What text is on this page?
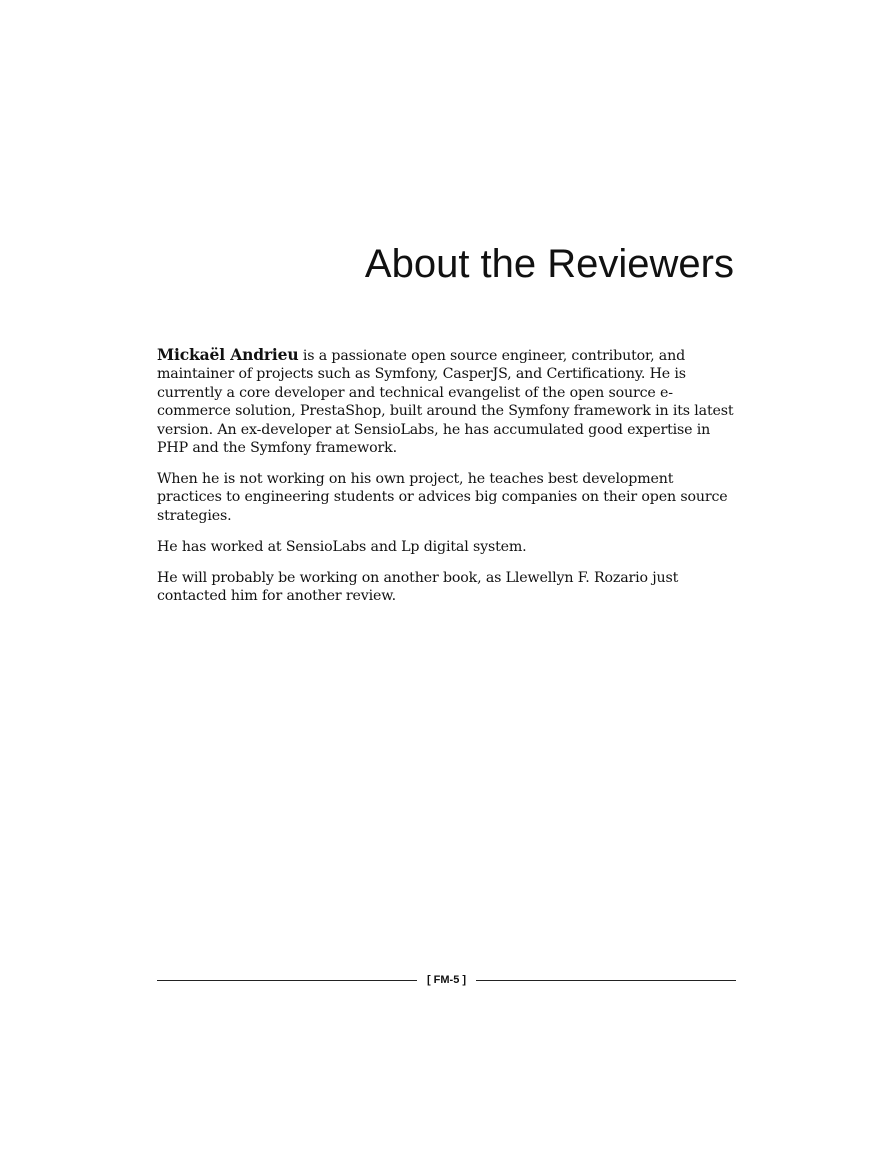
About the Reviewers

Mickaël Andrieu is a passionate open source engineer, contributor, and maintainer of projects such as Symfony, CasperJS, and Certificationy. He is currently a core developer and technical evangelist of the open source e-commerce solution, PrestaShop, built around the Symfony framework in its latest version. An ex-developer at SensioLabs, he has accumulated good expertise in PHP and the Symfony framework.

When he is not working on his own project, he teaches best development practices to engineering students or advices big companies on their open source strategies.

He has worked at SensioLabs and Lp digital system.

He will probably be working on another book, as Llewellyn F. Rozario just contacted him for another review.

[ FM-5 ]
